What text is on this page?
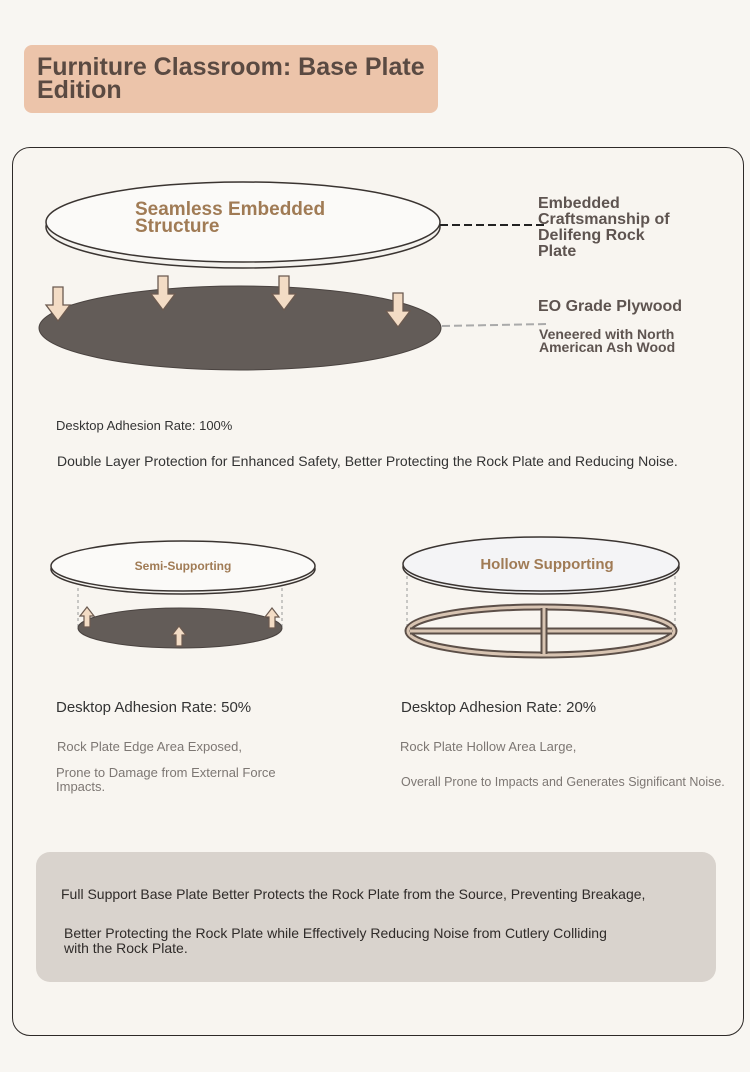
Furniture Classroom: Base Plate Edition
Seamless Embedded Structure
Embedded Craftsmanship of Delifeng Rock Plate
EO Grade Plywood
Veneered with North American Ash Wood
Desktop Adhesion Rate: 100%
Double Layer Protection for Enhanced Safety, Better Protecting the Rock Plate and Reducing Noise.
Semi-Supporting	Hollow Supporting
Desktop Adhesion Rate: 50%
Rock Plate Edge Area Exposed,
Prone to Damage from External Force Impacts.
Desktop Adhesion Rate: 20%
Rock Plate Hollow Area Large,
Overall Prone to Impacts and Generates Significant Noise.
Full Support Base Plate Better Protects the Rock Plate from the Source, Preventing Breakage,
Better Protecting the Rock Plate while Effectively Reducing Noise from Cutlery Colliding with the Rock Plate.
